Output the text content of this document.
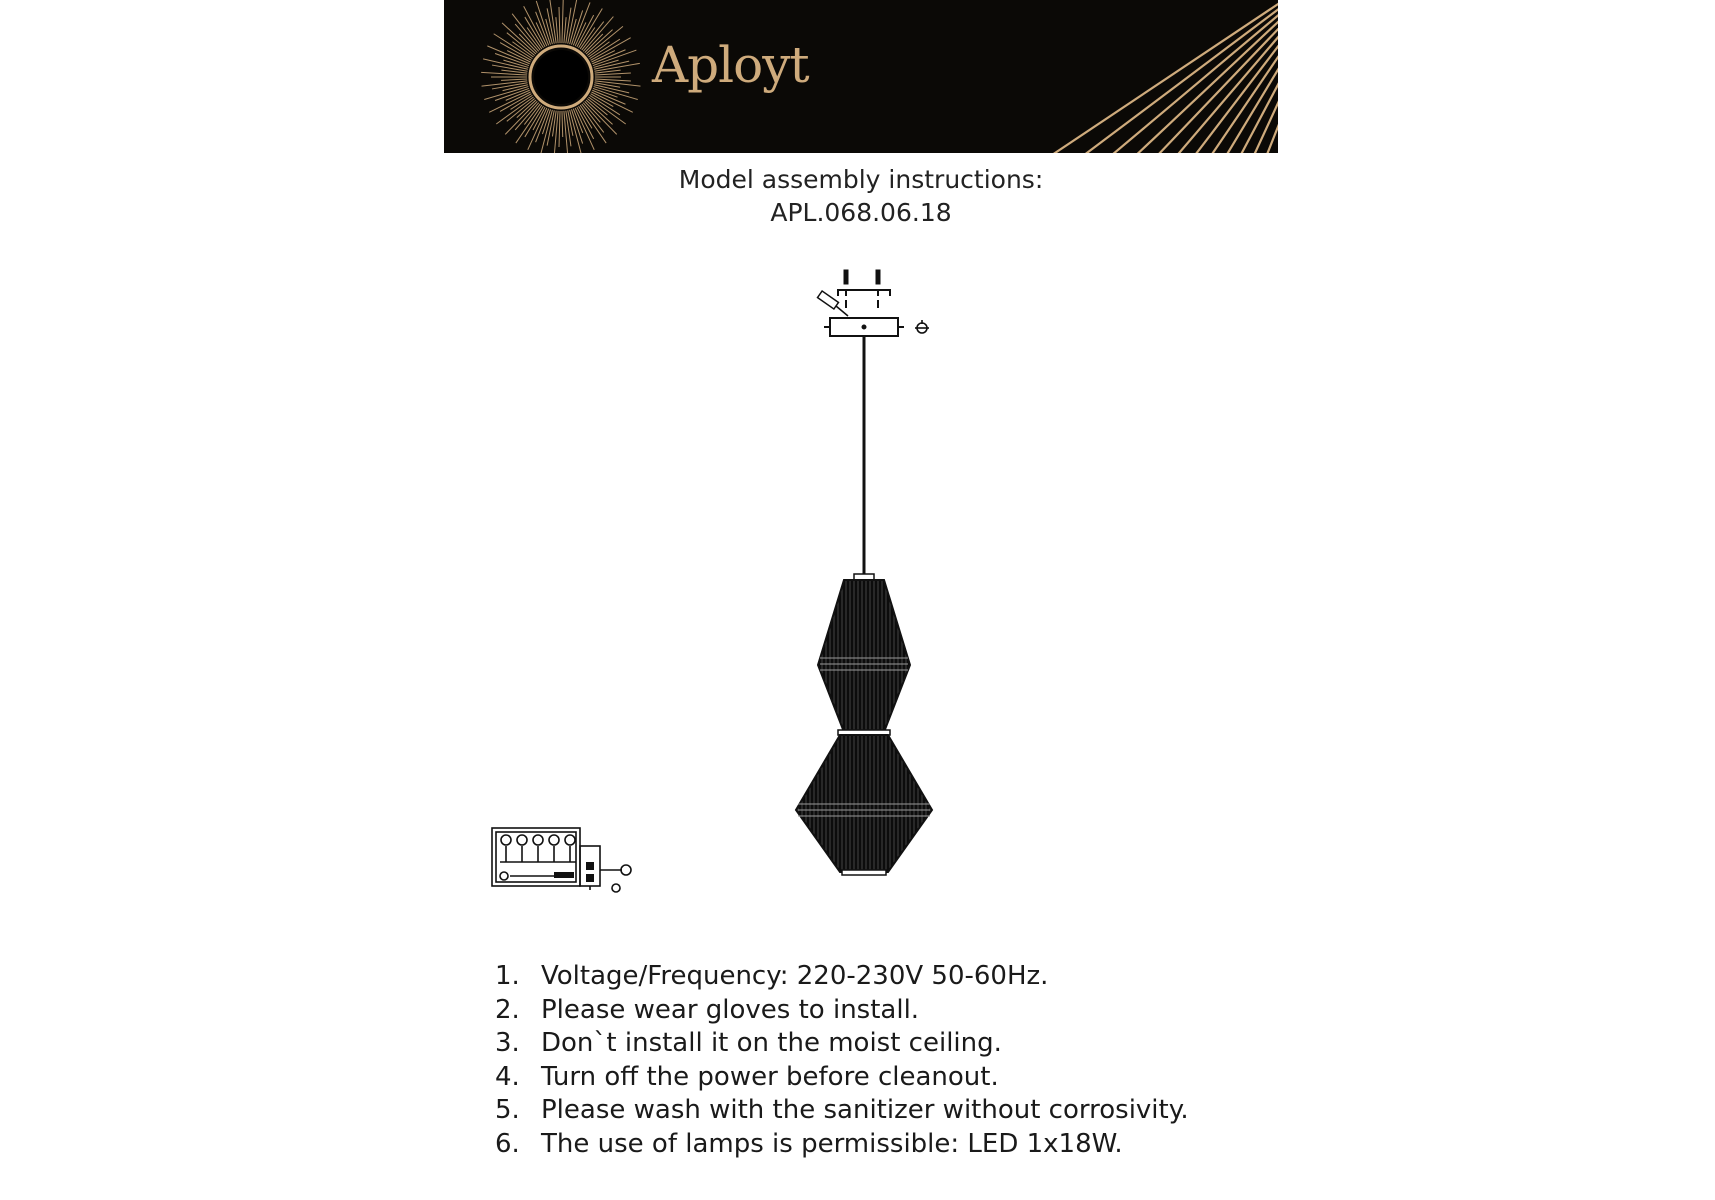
Aployt
Model assembly instructions:
APL.068.06.18
1. Voltage/Frequency: 220-230V 50-60Hz.
2. Please wear gloves to install.
3. Don`t install it on the moist ceiling.
4. Turn off the power before cleanout.
5. Please wash with the sanitizer without corrosivity.
6. The use of lamps is permissible: LED 1x18W.
